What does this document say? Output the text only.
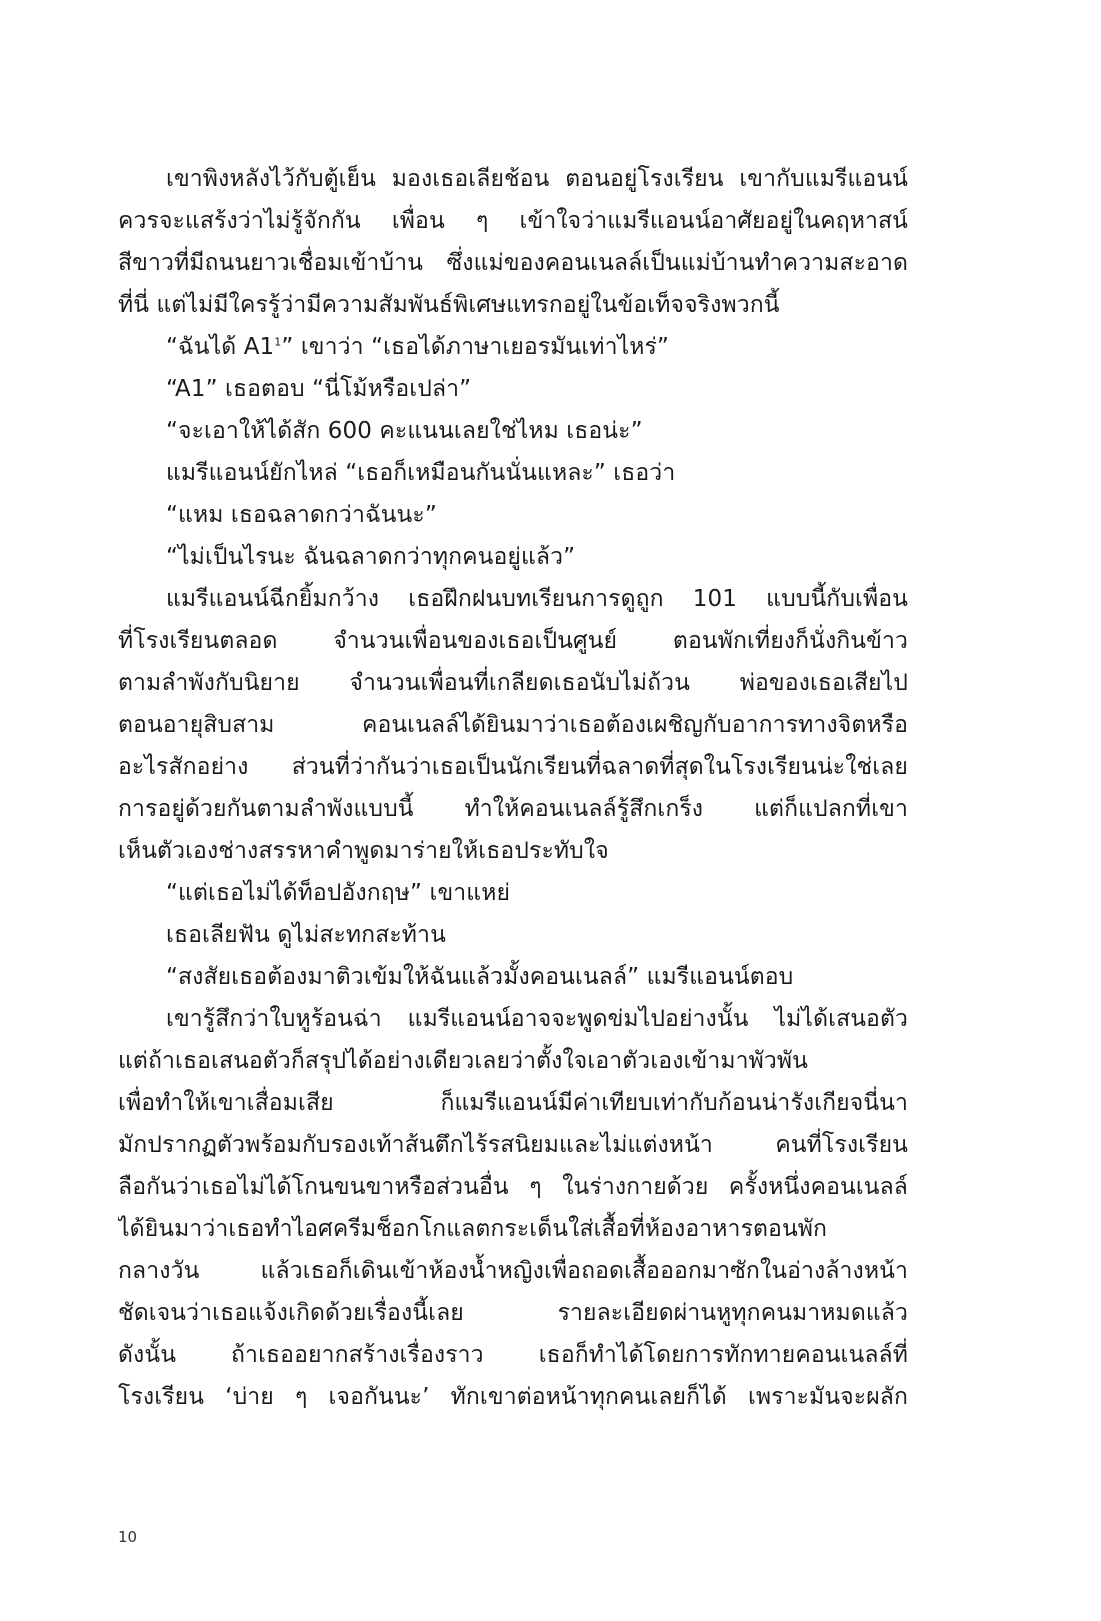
เขาพิงหลังไว้กับตู้เย็น มองเธอเลียช้อน ตอนอยู่โรงเรียน เขากับแมรีแอนน์
ควรจะแสร้งว่าไม่รู้จักกัน เพื่อน ๆ เข้าใจว่าแมรีแอนน์อาศัยอยู่ในคฤหาสน์
สีขาวที่มีถนนยาวเชื่อมเข้าบ้าน ซึ่งแม่ของคอนเนลล์เป็นแม่บ้านทำความสะอาด
ที่นี่ แต่ไม่มีใครรู้ว่ามีความสัมพันธ์พิเศษแทรกอยู่ในข้อเท็จจริงพวกนี้
“ฉันได้ A1$^1$” เขาว่า “เธอได้ภาษาเยอรมันเท่าไหร่”
“A1” เธอตอบ “นี่โม้หรือเปล่า”
“จะเอาให้ได้สัก 600 คะแนนเลยใช่ไหม เธอน่ะ”
แมรีแอนน์ยักไหล่ “เธอก็เหมือนกันนั่นแหละ” เธอว่า
“แหม เธอฉลาดกว่าฉันนะ”
“ไม่เป็นไรนะ ฉันฉลาดกว่าทุกคนอยู่แล้ว”
แมรีแอนน์ฉีกยิ้มกว้าง เธอฝึกฝนบทเรียนการดูถูก 101 แบบนี้กับเพื่อน
ที่โรงเรียนตลอด จำนวนเพื่อนของเธอเป็นศูนย์ ตอนพักเที่ยงก็นั่งกินข้าว
ตามลำพังกับนิยาย จำนวนเพื่อนที่เกลียดเธอนับไม่ถ้วน พ่อของเธอเสียไป
ตอนอายุสิบสาม คอนเนลล์ได้ยินมาว่าเธอต้องเผชิญกับอาการทางจิตหรือ
อะไรสักอย่าง ส่วนที่ว่ากันว่าเธอเป็นนักเรียนที่ฉลาดที่สุดในโรงเรียนน่ะใช่เลย
การอยู่ด้วยกันตามลำพังแบบนี้ ทำให้คอนเนลล์รู้สึกเกร็ง แต่ก็แปลกที่เขา
เห็นตัวเองช่างสรรหาคำพูดมาร่ายให้เธอประทับใจ
“แต่เธอไม่ได้ท็อปอังกฤษ” เขาแหย่
เธอเลียฟัน ดูไม่สะทกสะท้าน
“สงสัยเธอต้องมาติวเข้มให้ฉันแล้วมั้งคอนเนลล์” แมรีแอนน์ตอบ
เขารู้สึกว่าใบหูร้อนฉ่า แมรีแอนน์อาจจะพูดข่มไปอย่างนั้น ไม่ได้เสนอตัว
แต่ถ้าเธอเสนอตัวก็สรุปได้อย่างเดียวเลยว่าตั้งใจเอาตัวเองเข้ามาพัวพัน
เพื่อทำให้เขาเสื่อมเสีย ก็แมรีแอนน์มีค่าเทียบเท่ากับก้อนน่ารังเกียจนี่นา
มักปรากฏตัวพร้อมกับรองเท้าส้นตึกไร้รสนิยมและไม่แต่งหน้า คนที่โรงเรียน
ลือกันว่าเธอไม่ได้โกนขนขาหรือส่วนอื่น ๆ ในร่างกายด้วย ครั้งหนึ่งคอนเนลล์
ได้ยินมาว่าเธอทำไอศครีมช็อกโกแลตกระเด็นใส่เสื้อที่ห้องอาหารตอนพัก
กลางวัน แล้วเธอก็เดินเข้าห้องน้ำหญิงเพื่อถอดเสื้อออกมาซักในอ่างล้างหน้า
ชัดเจนว่าเธอแจ้งเกิดด้วยเรื่องนี้เลย รายละเอียดผ่านหูทุกคนมาหมดแล้ว
ดังนั้น ถ้าเธออยากสร้างเรื่องราว เธอก็ทำได้โดยการทักทายคอนเนลล์ที่
โรงเรียน ‘บ่าย ๆ เจอกันนะ’ ทักเขาต่อหน้าทุกคนเลยก็ได้ เพราะมันจะผลัก
10
